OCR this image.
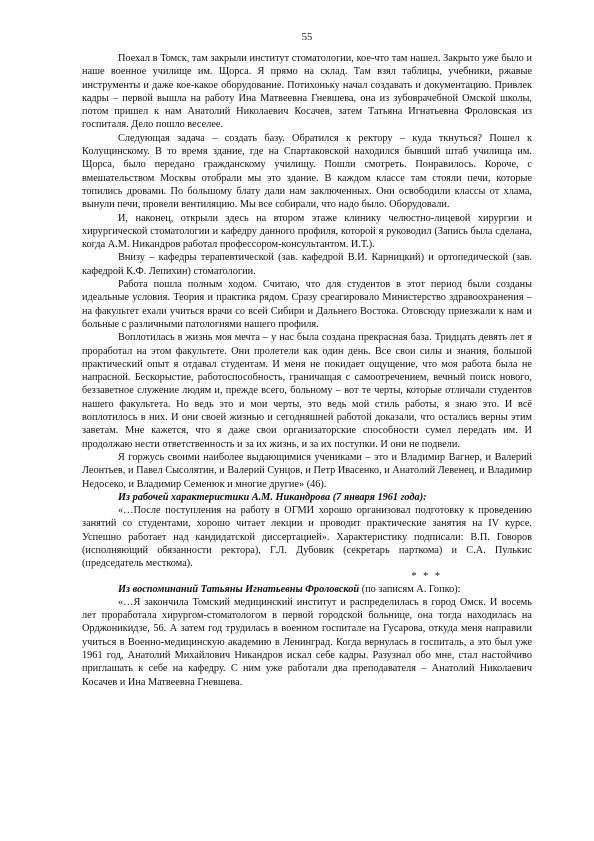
55

Поехал в Томск, там закрыли институт стоматологии, кое-что там нашел. Закрыто уже было и наше военное училище им. Щорса. Я прямо на склад. Там взял таблицы, учебники, ржавые инструменты и даже кое-какое оборудование. Потихоньку начал создавать и документацию. Привлек кадры – первой вышла на работу Ина Матвеевна Гневшева, она из зубоврачебной Омской школы, потом пришел к нам Анатолий Николаевич Косачев, затем Татьяна Игнатьевна Фроловская из госпиталя. Дело пошло веселее.

Следующая задача – создать базу. Обратился к ректору – куда ткнуться? Пошел к Колущинскому. В то время здание, где на Спартаковской находился бывший штаб училища им. Щорса, было передано гражданскому училищу. Пошли смотреть. Понравилось. Короче, с вмешательством Москвы отобрали мы это здание. В каждом классе там стояли печи, которые топились дровами. По большому блату дали нам заключенных. Они освободили классы от хлама, вынули печи, провели вентиляцию. Мы все собирали, что надо было. Оборудовали.

И, наконец, открыли здесь на втором этаже клинику челюстно-лицевой хирургии и хирургической стоматологии и кафедру данного профиля, которой я руководил (Запись была сделана, когда А.М. Никандров работал профессором-консультантом. И.Т.).

Внизу – кафедры терапевтической (зав. кафедрой В.И. Карницкий) и ортопедической (зав. кафедрой К.Ф. Лепихин) стоматологии.

Работа пошла полным ходом. Считаю, что для студентов в этот период были созданы идеальные условия. Теория и практика рядом. Сразу среагировало Министерство здравоохранения – на факультет ехали учиться врачи со всей Сибири и Дальнего Востока. Отовсюду приезжали к нам и больные с различными патологиями нашего профиля.

Воплотилась в жизнь моя мечта – у нас была создана прекрасная база. Тридцать девять лет я проработал на этом факультете. Они пролетели как один день. Все свои силы и знания, большой практический опыт я отдавал студентам. И меня не покидает ощущение, что моя работа была не напрасной. Бескорыстие, работоспособность, граничащая с самоотречением, вечный поиск нового, беззаветное служение людям и, прежде всего, больному – вот те черты, которые отличали студентов нашего факультета. Но ведь это и мои черты, это ведь мой стиль работы, я знаю это. И всё воплотилось в них. И они своей жизнью и сегодняшней работой доказали, что остались верны этим заветам. Мне кажется, что я даже свои организаторские способности сумел передать им. И продолжаю нести ответственность и за их жизнь, и за их поступки. И они не подвели.

Я горжусь своими наиболее выдающимися учениками – это и Владимир Вагнер, и Валерий Леонтьев, и Павел Сысолятин, и Валерий Сунцов, и Петр Ивасенко, и Анатолий Левенец, и Владимир Недосеко, и Владимир Семенюк и многие другие» (46).

Из рабочей характеристики А.М. Никандрова (7 января 1961 года):

«…После поступления на работу в ОГМИ хорошо организовал подготовку к проведению занятий со студентами, хорошо читает лекции и проводит практические занятия на IV курсе. Успешно работает над кандидатской диссертацией». Характеристику подписали: В.П. Говоров (исполняющий обязанности ректора), Г.Л. Дубовик (секретарь парткома) и С.А. Пулькис (председатель месткома).

* * *

Из воспоминаний Татьяны Игнатьевны Фроловской (по записям А. Гопко):

«…Я закончила Томский медицинский институт и распределилась в город Омск. И восемь лет проработала хирургом-стоматологом в первой городской больнице, она тогда находилась на Орджоникидзе, 56. А затем год трудилась в военном госпитале на Гусарова, откуда меня направили учиться в Военно-медицинскую академию в Ленинград. Когда вернулась в госпиталь, а это был уже 1961 год, Анатолий Михайлович Никандров искал себе кадры. Разузнал обо мне, стал настойчиво приглашать к себе на кафедру. С ним уже работали два преподавателя – Анатолий Николаевич Косачев и Ина Матвеевна Гневшева.
